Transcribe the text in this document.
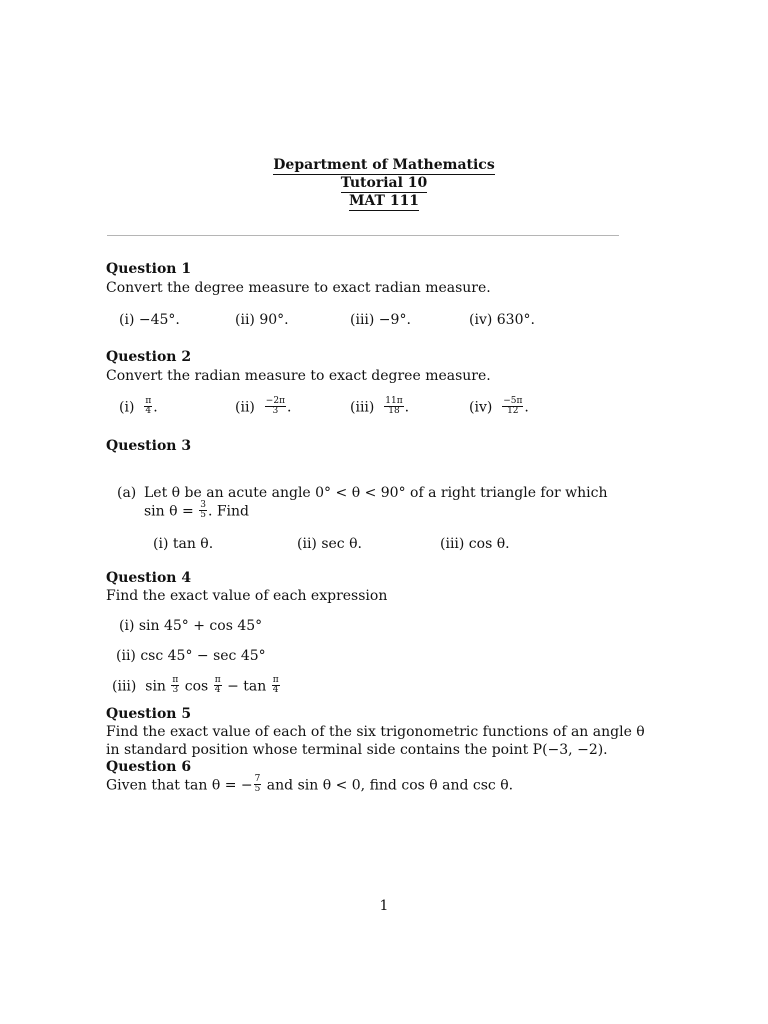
Department of Mathematics
Tutorial 10
MAT 111
Question 1
Convert the degree measure to exact radian measure.
(i) −45°.	(ii) 90°.	(iii) −9°.	(iv) 630°.
Question 2
Convert the radian measure to exact degree measure.
$(i) \frac{\pi}{4}$ .	$(ii) \frac{-2\pi}{3}$ .	$(iii) \frac{11\pi}{18}$ .	$(iv) \frac{-5\pi}{12}$ .
Question 3
(a) Let θ be an acute angle 0° < θ < 90° of a right triangle for which
$\sin \theta = \frac{3}{5}$ . Find
(i) tan θ.	(ii) sec θ.	(iii) cos θ.
Question 4
Find the exact value of each expression
(i) sin 45° + cos 45°
(ii) csc 45° − sec 45°
(iii) $\sin \frac{\pi}{3}$ $\cos \frac{\pi}{4} - \tan \frac{\pi}{4}$
Question 5
Find the exact value of each of the six trigonometric functions of an angle θ
in standard position whose terminal side contains the point P(−3, −2).
Question 6
Given that tan θ = − $\frac{7}{5}$ and sin θ < 0, find cos θ and csc θ.
1
